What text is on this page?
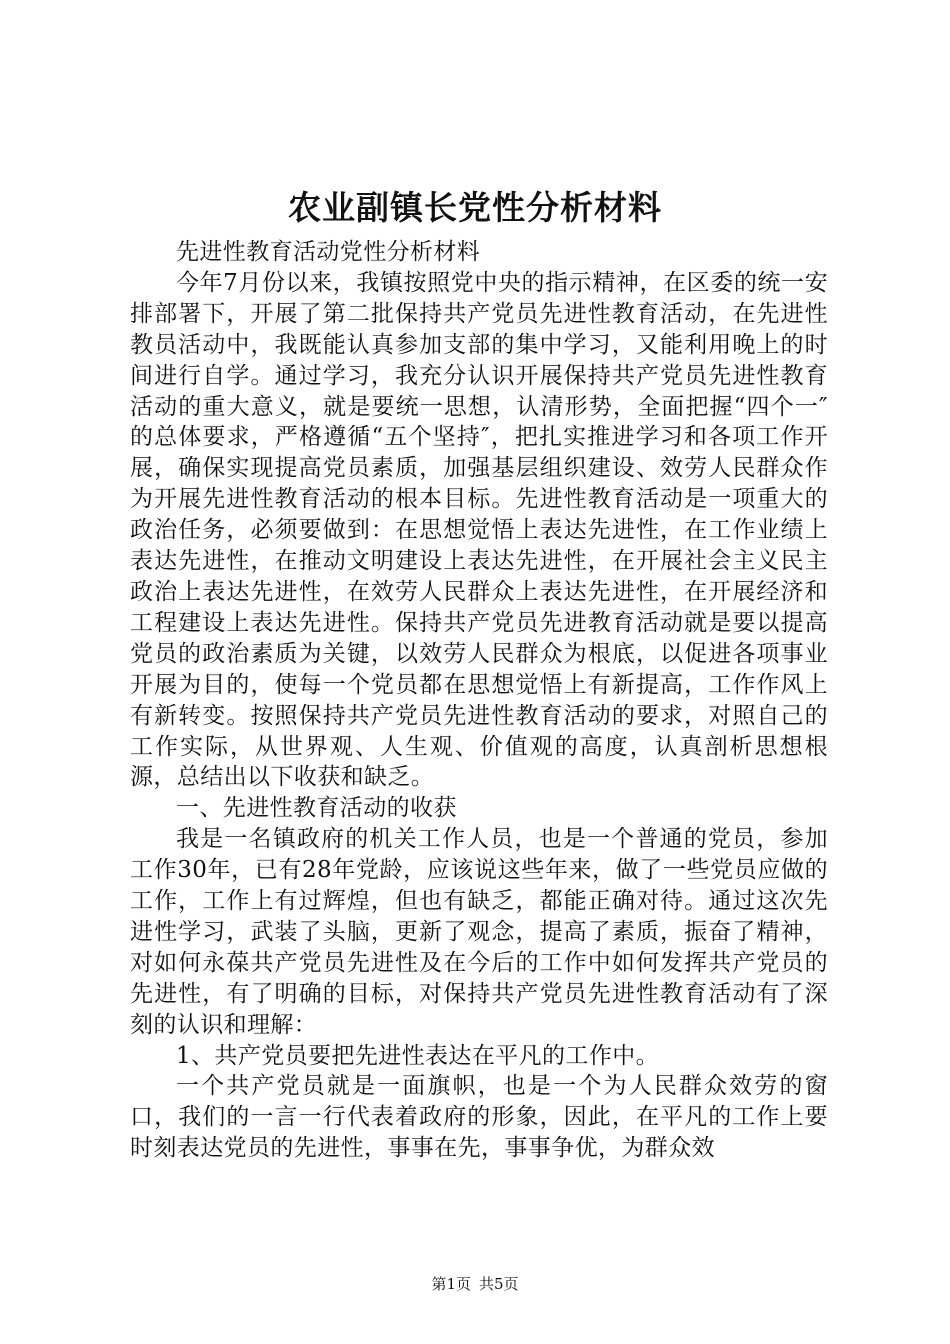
农业副镇长党性分析材料

先进性教育活动党性分析材料

今年7月份以来，我镇按照党中央的指示精神，在区委的统一安排部署下，开展了第二批保持共产党员先进性教育活动，在先进性教员活动中，我既能认真参加支部的集中学习，又能利用晚上的时间进行自学。通过学习，我充分认识开展保持共产党员先进性教育活动的重大意义，就是要统一思想，认清形势，全面把握“四个一″的总体要求，严格遵循“五个坚持″，把扎实推进学习和各项工作开展，确保实现提高党员素质，加强基层组织建设、效劳人民群众作为开展先进性教育活动的根本目标。先进性教育活动是一项重大的政治任务，必须要做到：在思想觉悟上表达先进性，在工作业绩上表达先进性，在推动文明建设上表达先进性，在开展社会主义民主政治上表达先进性，在效劳人民群众上表达先进性，在开展经济和工程建设上表达先进性。保持共产党员先进教育活动就是要以提高党员的政治素质为关键，以效劳人民群众为根底，以促进各项事业开展为目的，使每一个党员都在思想觉悟上有新提高，工作作风上有新转变。按照保持共产党员先进性教育活动的要求，对照自己的工作实际，从世界观、人生观、价值观的高度，认真剖析思想根源，总结出以下收获和缺乏。

一、先进性教育活动的收获

我是一名镇政府的机关工作人员，也是一个普通的党员，参加工作30年，已有28年党龄，应该说这些年来，做了一些党员应做的工作，工作上有过辉煌，但也有缺乏，都能正确对待。通过这次先进性学习，武装了头脑，更新了观念，提高了素质，振奋了精神，对如何永葆共产党员先进性及在今后的工作中如何发挥共产党员的先进性，有了明确的目标，对保持共产党员先进性教育活动有了深刻的认识和理解：

1、共产党员要把先进性表达在平凡的工作中。

一个共产党员就是一面旗帜，也是一个为人民群众效劳的窗口，我们的一言一行代表着政府的形象，因此，在平凡的工作上要时刻表达党员的先进性，事事在先，事事争优，为群众效

第1页 共5页
